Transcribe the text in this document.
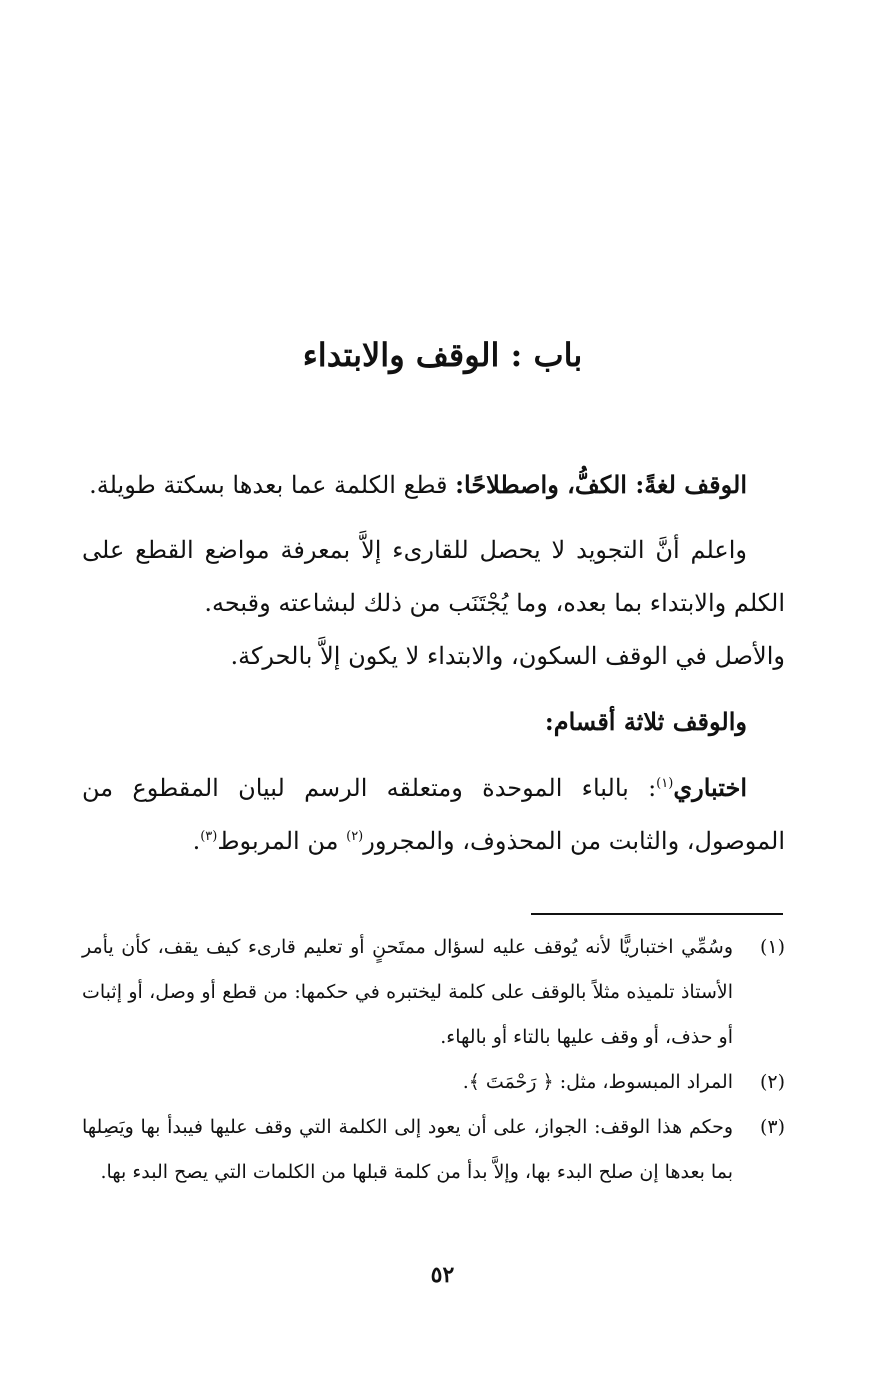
باب : الوقف والابتداء

الوقف لغةً: الكفُّ، واصطلاحًا: قطع الكلمة عما بعدها بسكتة طويلة.

واعلم أنَّ التجويد لا يحصل للقارىء إلاَّ بمعرفة مواضع القطع على الكلم والابتداء بما بعده، وما يُجْتَنَب من ذلك لبشاعته وقبحه.

والأصل في الوقف السكون، والابتداء لا يكون إلاَّ بالحركة.

والوقف ثلاثة أقسام:

اختباري$^{(١)}$: بالباء الموحدة ومتعلقه الرسم لبيان المقطوع من الموصول، والثابت من المحذوف، والمجرور$^{(٢)}$ من المربوط$^{(٣)}$.

(١)
وسُمِّي اختباريًّا لأنه يُوقف عليه لسؤال ممتَحنٍ أو تعليم قارىء كيف يقف، كأن يأمر الأستاذ تلميذه مثلاً بالوقف على كلمة ليختبره في حكمها: من قطع أو وصل، أو إثبات أو حذف، أو وقف عليها بالتاء أو بالهاء.

(٢)
المراد المبسوط، مثل: ﴿ رَحْمَتَ ﴾.

(٣)
وحكم هذا الوقف: الجواز، على أن يعود إلى الكلمة التي وقف عليها فيبدأ بها ويَصِلها بما بعدها إن صلح البدء بها، وإلاَّ بدأ من كلمة قبلها من الكلمات التي يصح البدء بها.

٥٢
